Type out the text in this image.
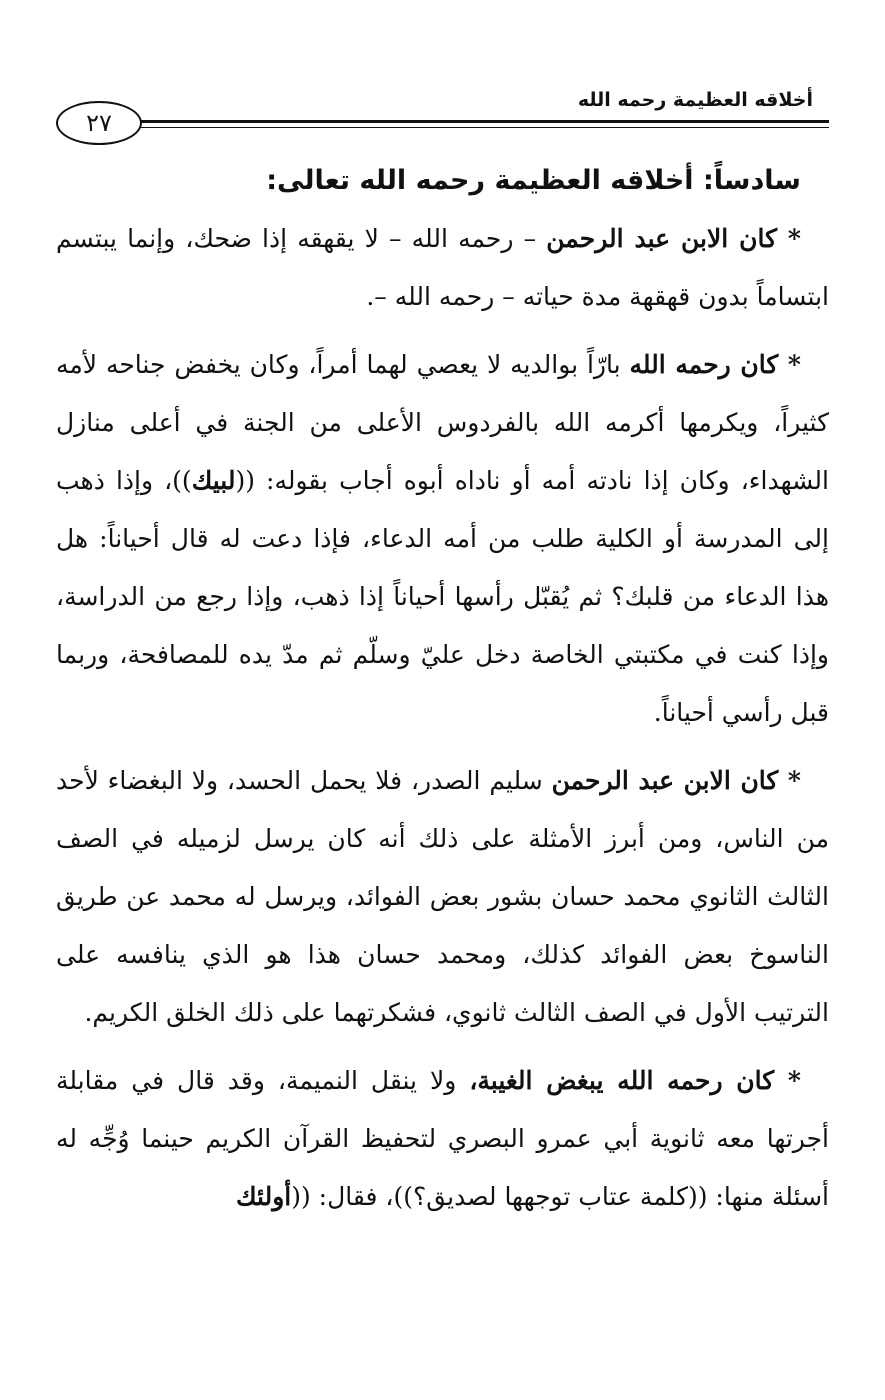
أخلاقه العظيمة رحمه الله
٢٧
سادساً: أخلاقه العظيمة رحمه الله تعالى:

* كان الابن عبد الرحمن – رحمه الله – لا يقهقه إذا ضحك، وإنما يبتسم ابتساماً بدون قهقهة مدة حياته – رحمه الله –.

* كان رحمه الله بارّاً بوالديه لا يعصي لهما أمراً، وكان يخفض جناحه لأمه كثيراً، ويكرمها أكرمه الله بالفردوس الأعلى من الجنة في أعلى منازل الشهداء، وكان إذا نادته أمه أو ناداه أبوه أجاب بقوله: ((لبيك))، وإذا ذهب إلى المدرسة أو الكلية طلب من أمه الدعاء، فإذا دعت له قال أحياناً: هل هذا الدعاء من قلبك؟ ثم يُقبّل رأسها أحياناً إذا ذهب، وإذا رجع من الدراسة، وإذا كنت في مكتبتي الخاصة دخل عليّ وسلّم ثم مدّ يده للمصافحة، وربما قبل رأسي أحياناً.

* كان الابن عبد الرحمن سليم الصدر، فلا يحمل الحسد، ولا البغضاء لأحد من الناس، ومن أبرز الأمثلة على ذلك أنه كان يرسل لزميله في الصف الثالث الثانوي محمد حسان بشور بعض الفوائد، ويرسل له محمد عن طريق الناسوخ بعض الفوائد كذلك، ومحمد حسان هذا هو الذي ينافسه على الترتيب الأول في الصف الثالث ثانوي، فشكرتهما على ذلك الخلق الكريم.

* كان رحمه الله يبغض الغيبة، ولا ينقل النميمة، وقد قال في مقابلة أجرتها معه ثانوية أبي عمرو البصري لتحفيظ القرآن الكريم حينما وُجِّه له أسئلة منها: ((كلمة عتاب توجهها لصديق؟))، فقال: ((أولئك
